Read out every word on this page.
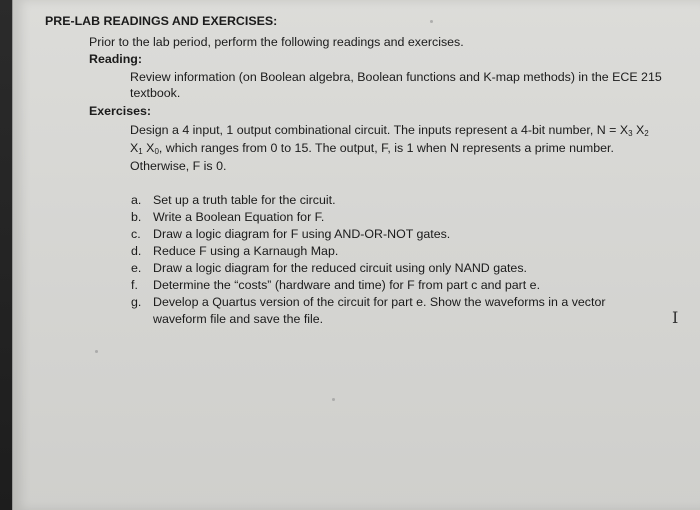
PRE-LAB READINGS AND EXERCISES:
Prior to the lab period, perform the following readings and exercises.
Reading:
Review information (on Boolean algebra, Boolean functions and K-map methods) in the ECE 215
textbook.
Exercises:
Design a 4 input, 1 output combinational circuit. The inputs represent a 4-bit number, $N = X_3$ $X_2$
$X_1$ $X_0$, which ranges from 0 to 15. The output, F, is 1 when N represents a prime number.
Otherwise, F is 0.
a. Set up a truth table for the circuit.
b. Write a Boolean Equation for F.
c. Draw a logic diagram for F using AND-OR-NOT gates.
d. Reduce F using a Karnaugh Map.
e. Draw a logic diagram for the reduced circuit using only NAND gates.
f. Determine the “costs” (hardware and time) for F from part c and part e.
g. Develop a Quartus version of the circuit for part e. Show the waveforms in a vector
waveform file and save the file.	I
